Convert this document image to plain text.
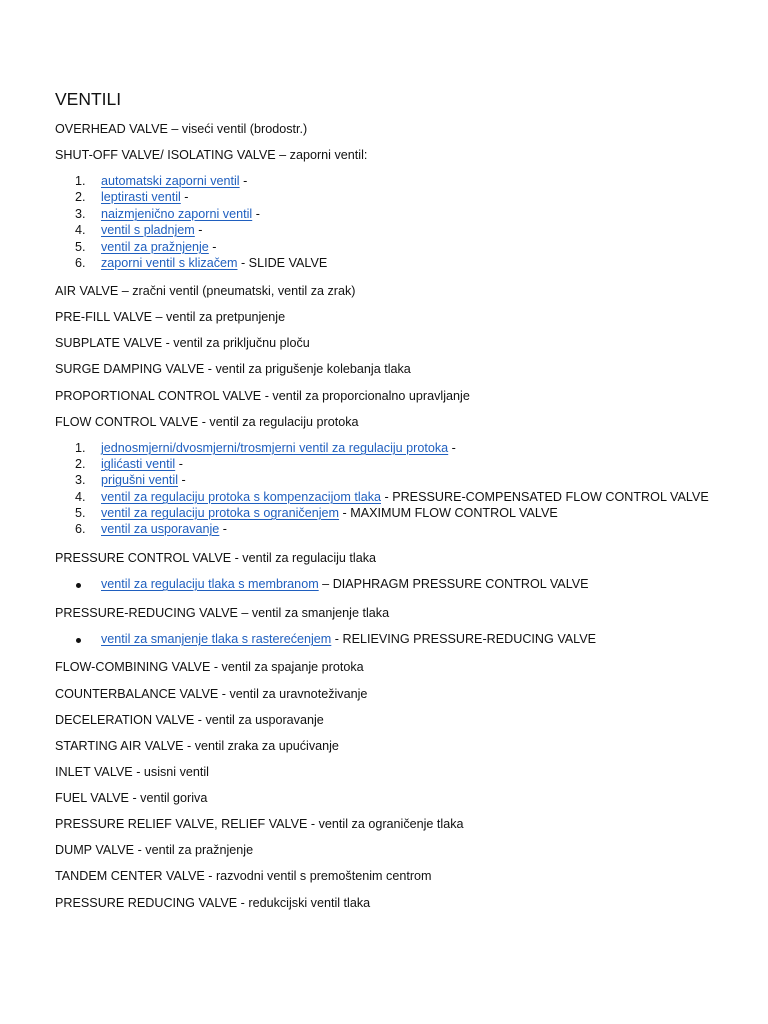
VENTILI
OVERHEAD VALVE – viseći ventil (brodostr.)
SHUT-OFF VALVE/ ISOLATING VALVE – zaporni ventil:
1.	automatski zaporni ventil -
2.	leptirasti ventil -
3.	naizmjenično zaporni ventil -
4.	ventil s pladnjem -
5.	ventil za pražnjenje -
6.	zaporni ventil s klizačem - SLIDE VALVE
AIR VALVE – zračni ventil (pneumatski, ventil za zrak)
PRE-FILL VALVE – ventil za pretpunjenje
SUBPLATE VALVE - ventil za priključnu ploču
SURGE DAMPING VALVE - ventil za prigušenje kolebanja tlaka
PROPORTIONAL CONTROL VALVE - ventil za proporcionalno upravljanje
FLOW CONTROL VALVE - ventil za regulaciju protoka
1.	jednosmjerni/dvosmjerni/trosmjerni ventil za regulaciju protoka -
2.	iglićasti ventil -
3.	prigušni ventil -
4.	ventil za regulaciju protoka s kompenzacijom tlaka - PRESSURE-COMPENSATED FLOW CONTROL VALVE
5.	ventil za regulaciju protoka s ograničenjem - MAXIMUM FLOW CONTROL VALVE
6.	ventil za usporavanje -
PRESSURE CONTROL VALVE - ventil za regulaciju tlaka
ventil za regulaciju tlaka s membranom – DIAPHRAGM PRESSURE CONTROL VALVE
PRESSURE-REDUCING VALVE – ventil za smanjenje tlaka
ventil za smanjenje tlaka s rasterećenjem - RELIEVING PRESSURE-REDUCING VALVE
FLOW-COMBINING VALVE - ventil za spajanje protoka
COUNTERBALANCE VALVE - ventil za uravnoteživanje
DECELERATION VALVE - ventil za usporavanje
STARTING AIR VALVE - ventil zraka za upućivanje
INLET VALVE - usisni ventil
FUEL VALVE - ventil goriva
PRESSURE RELIEF VALVE, RELIEF VALVE - ventil za ograničenje tlaka
DUMP VALVE - ventil za pražnjenje
TANDEM CENTER VALVE - razvodni ventil s premoštenim centrom
PRESSURE REDUCING VALVE - redukcijski ventil tlaka
